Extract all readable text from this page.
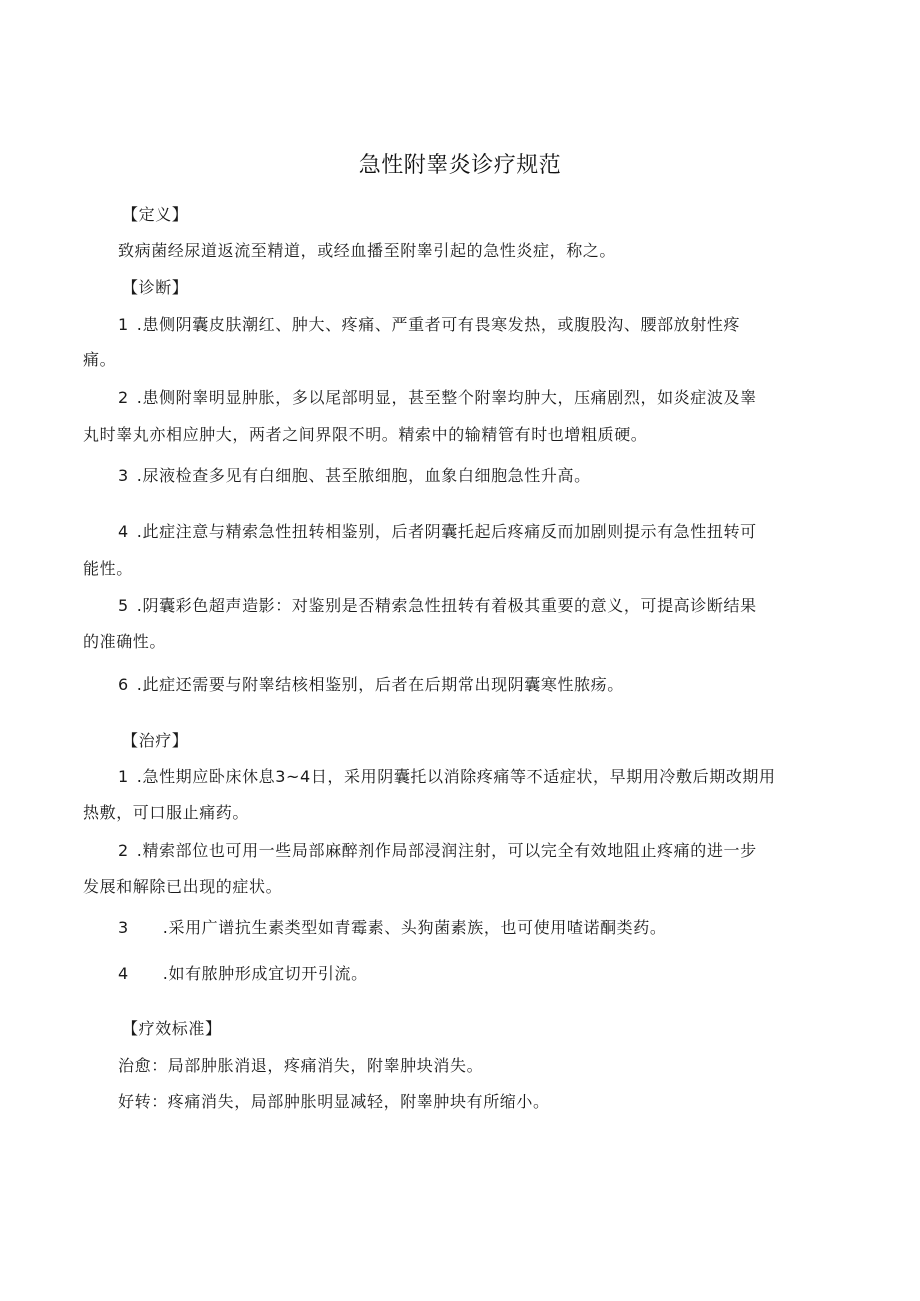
急性附睾炎诊疗规范
【定义】
致病菌经尿道返流至精道，或经血播至附睾引起的急性炎症，称之。
【诊断】
1 .患侧阴囊皮肤潮红、肿大、疼痛、严重者可有畏寒发热，或腹股沟、腰部放射性疼
痛。
2 .患侧附睾明显肿胀，多以尾部明显，甚至整个附睾均肿大，压痛剧烈，如炎症波及睾
丸时睾丸亦相应肿大，两者之间界限不明。精索中的输精管有时也增粗质硬。
3 .尿液检查多见有白细胞、甚至脓细胞，血象白细胞急性升高。
4 .此症注意与精索急性扭转相鉴别，后者阴囊托起后疼痛反而加剧则提示有急性扭转可
能性。
5 .阴囊彩色超声造影：对鉴别是否精索急性扭转有着极其重要的意义，可提高诊断结果
的准确性。
6 .此症还需要与附睾结核相鉴别，后者在后期常出现阴囊寒性脓疡。
【治疗】
1 .急性期应卧床休息3~4日，采用阴囊托以消除疼痛等不适症状，早期用冷敷后期改期用
热敷，可口服止痛药。
2 .精索部位也可用一些局部麻醉剂作局部浸润注射，可以完全有效地阻止疼痛的进一步
发展和解除已出现的症状。
3 .采用广谱抗生素类型如青霉素、头狗菌素族，也可使用喳诺酮类药。
4 .如有脓肿形成宜切开引流。
【疗效标准】
治愈：局部肿胀消退，疼痛消失，附睾肿块消失。
好转：疼痛消失，局部肿胀明显减轻，附睾肿块有所缩小。
